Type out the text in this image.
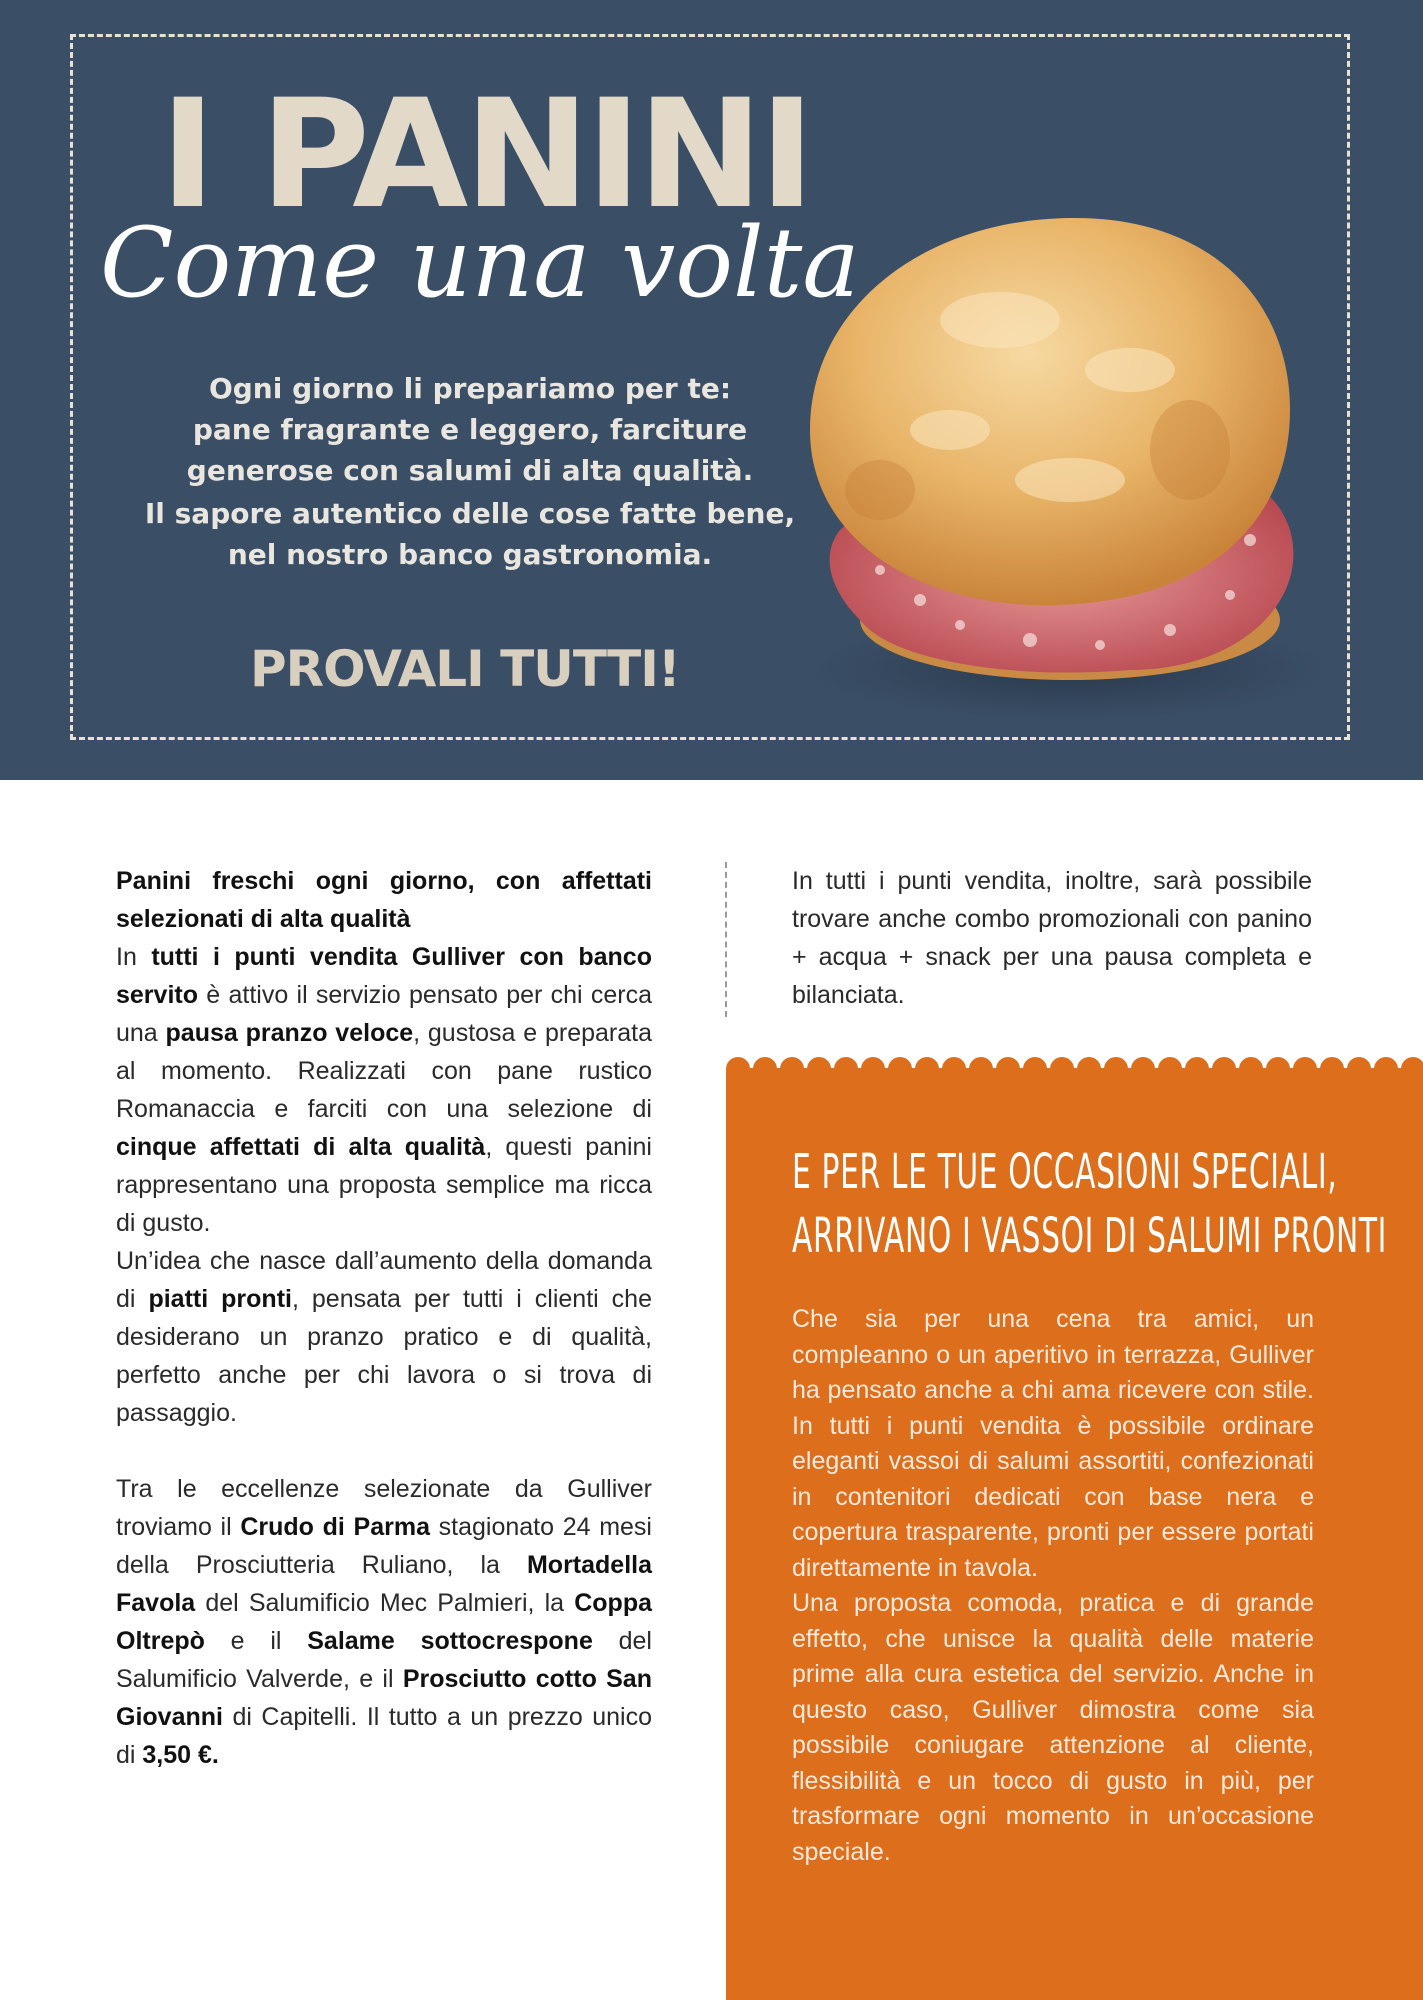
I PANINI
Come una volta

Ogni giorno li prepariamo per te:

pane fragrante e leggero, farciture

generose con salumi di alta qualità.

Il sapore autentico delle cose fatte bene,

nel nostro banco gastronomia.

PROVALI TUTTI!

Panini freschi ogni giorno, con affettati selezionati di alta qualità

In tutti i punti vendita Gulliver con banco servito è attivo il servizio pensato per chi cerca una pausa pranzo veloce, gustosa e preparata al momento. Realizzati con pane rustico Romanaccia e farciti con una selezione di cinque affettati di alta qualità, questi panini rappresentano una proposta semplice ma ricca di gusto.

Un’idea che nasce dall’aumento della domanda di piatti pronti, pensata per tutti i clienti che desiderano un pranzo pratico e di qualità, perfetto anche per chi lavora o si trova di passaggio.

Tra le eccellenze selezionate da Gulliver troviamo il Crudo di Parma stagionato 24 mesi della Prosciutteria Ruliano, la Mortadella Favola del Salumificio Mec Palmieri, la Coppa Oltrepò e il Salame sottocrespone del Salumificio Valverde, e il Prosciutto cotto San Giovanni di Capitelli. Il tutto a un prezzo unico di 3,50 €.

In tutti i punti vendita, inoltre, sarà possibile trovare anche combo promozionali con panino + acqua + snack per una pausa completa e bilanciata.

E PER LE TUE OCCASIONI SPECIALI,
ARRIVANO I VASSOI DI SALUMI PRONTI

Che sia per una cena tra amici, un compleanno o un aperitivo in terrazza, Gulliver ha pensato anche a chi ama ricevere con stile. In tutti i punti vendita è possibile ordinare eleganti vassoi di salumi assortiti, confezionati in contenitori dedicati con base nera e copertura trasparente, pronti per essere portati direttamente in tavola.

Una proposta comoda, pratica e di grande effetto, che unisce la qualità delle materie prime alla cura estetica del servizio. Anche in questo caso, Gulliver dimostra come sia possibile coniugare attenzione al cliente, flessibilità e un tocco di gusto in più, per trasformare ogni momento in un’occasione speciale.
